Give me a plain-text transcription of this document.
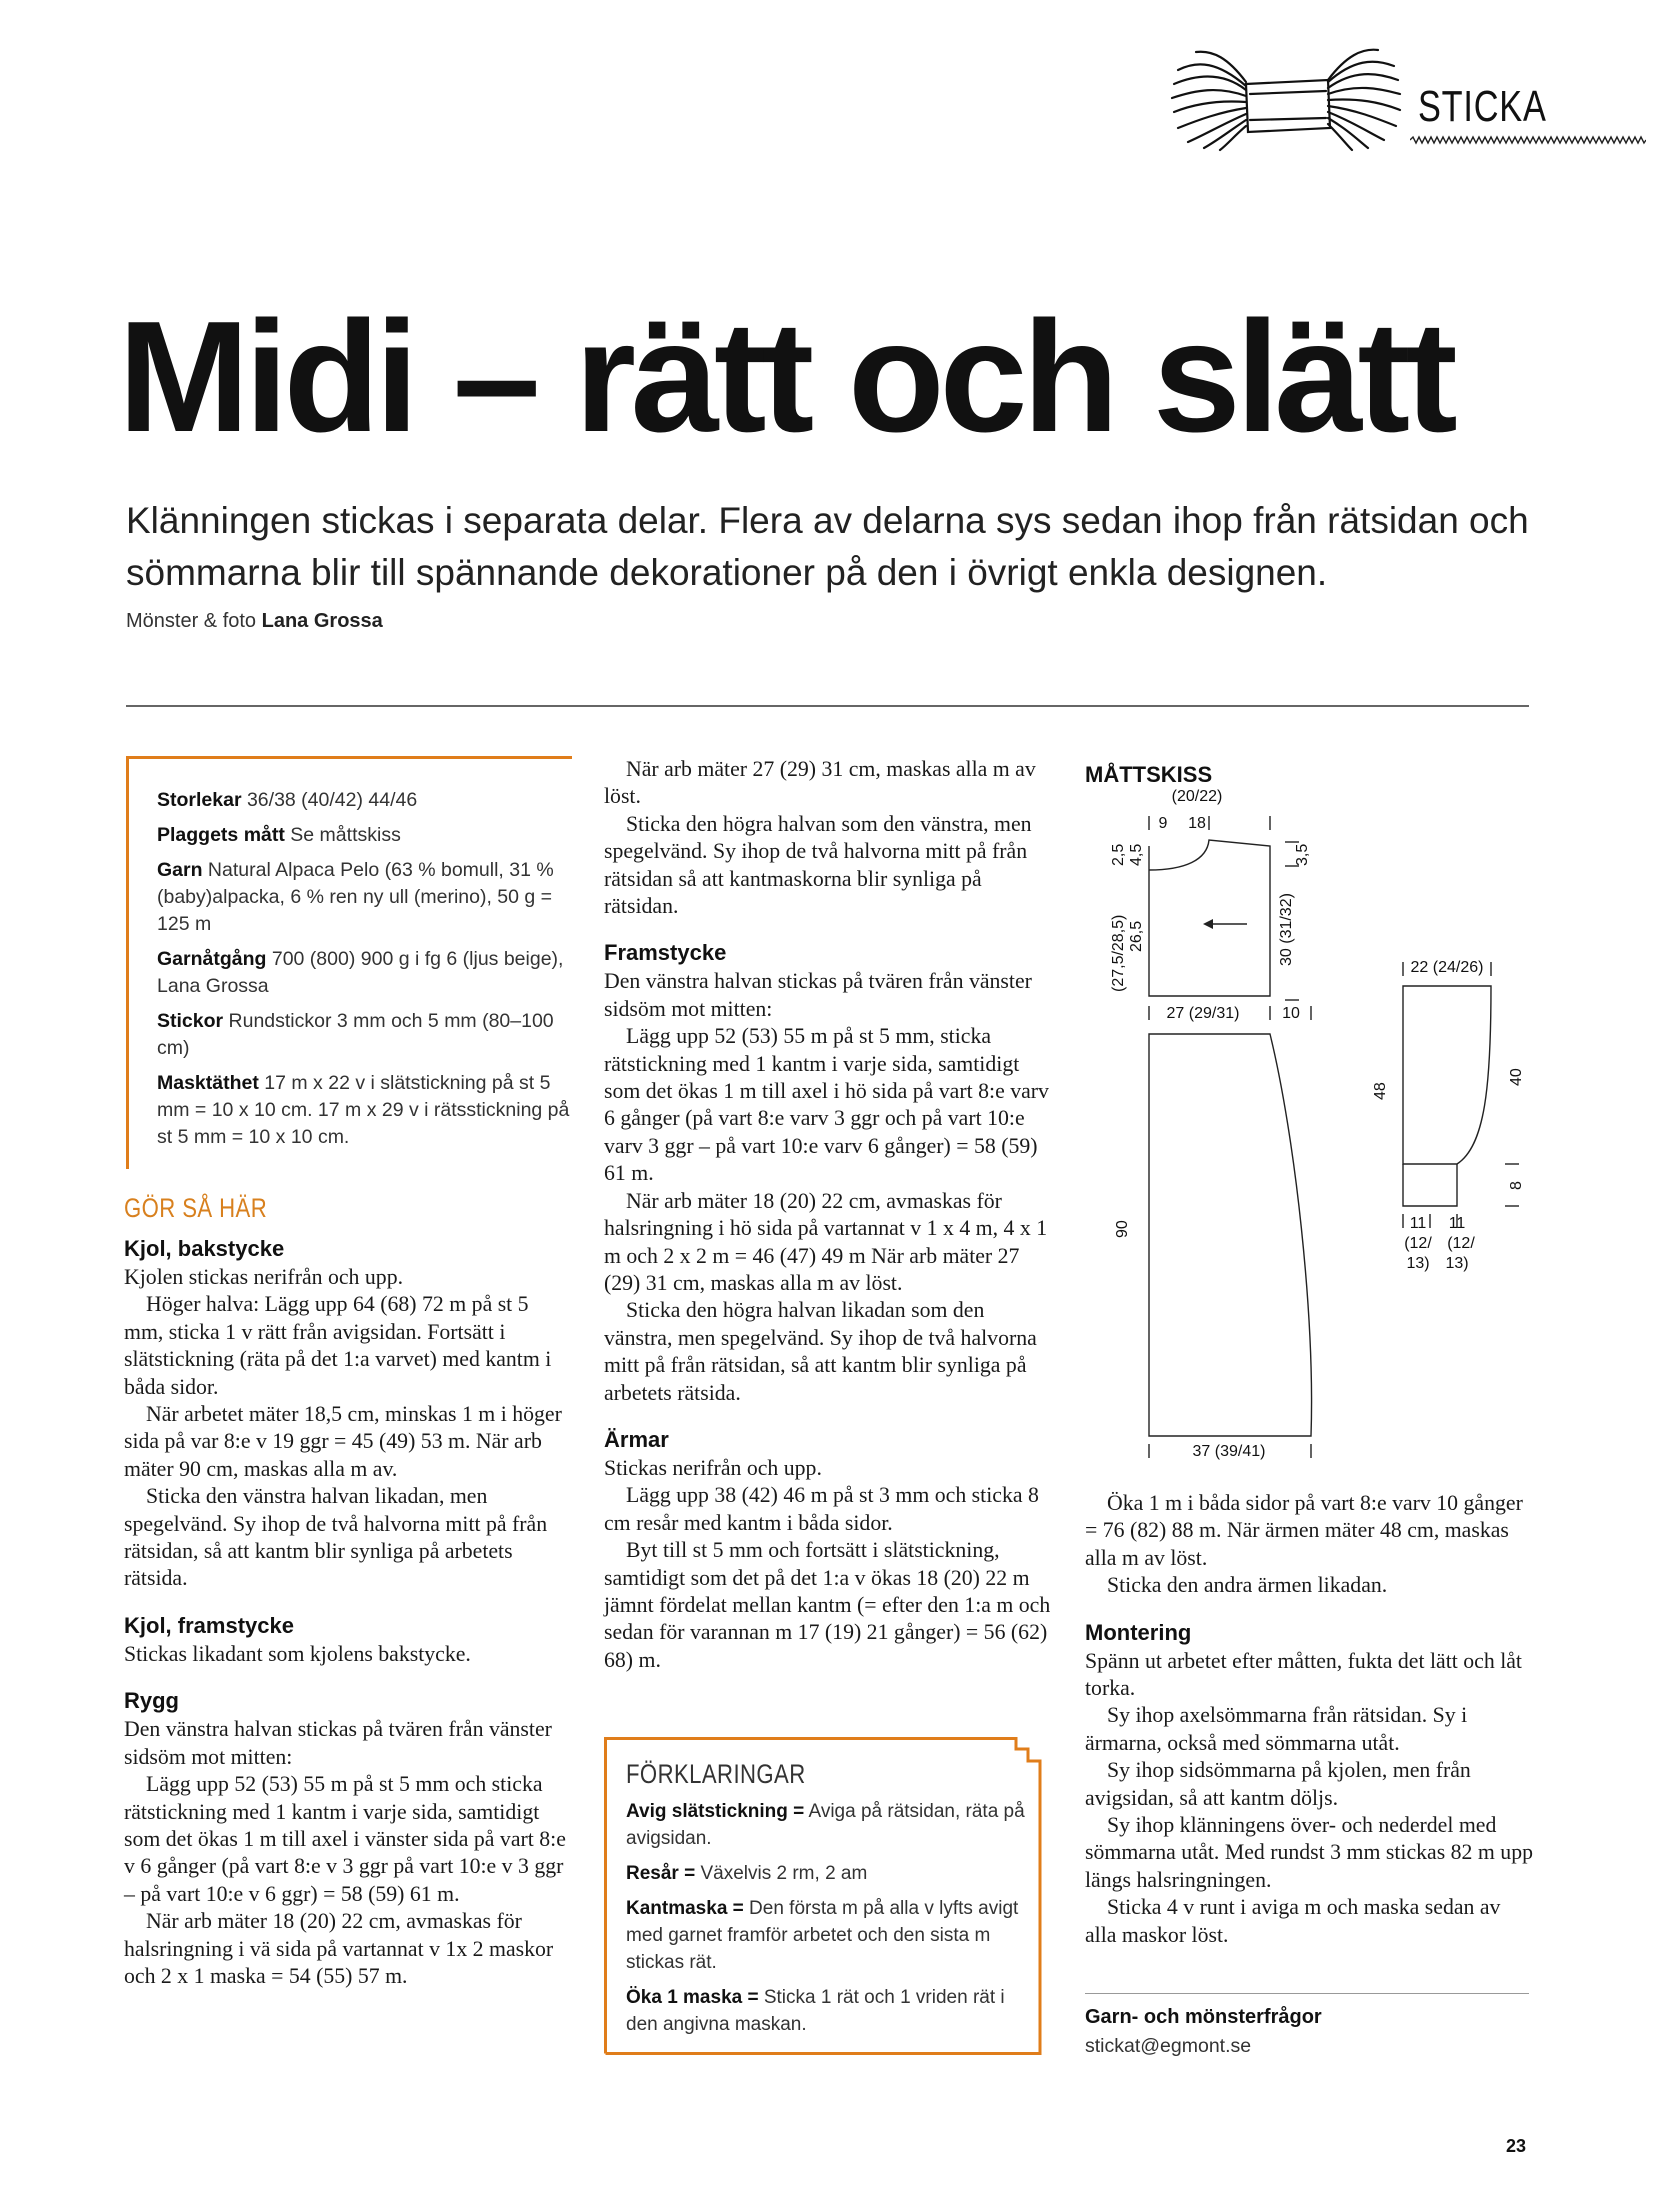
STICKA
Midi – rätt och slätt
Klänningen stickas i separata delar. Flera av delarna sys sedan ihop från rätsidan och sömmarna blir till spännande dekorationer på den i övrigt enkla designen.
Mönster & foto Lana Grossa
Storlekar 36/38 (40/42) 44/46
Plaggets mått Se måttskiss
Garn Natural Alpaca Pelo (63 % bomull, 31 % (baby)alpacka, 6 % ren ny ull (merino), 50 g = 125 m
Garnåtgång 700 (800) 900 g i fg 6 (ljus beige), Lana Grossa
Stickor Rundstickor 3 mm och 5 mm (80–100 cm)
Masktäthet 17 m x 22 v i slätstickning på st 5 mm = 10 x 10 cm. 17 m x 29 v i rätsstickning på st 5 mm = 10 x 10 cm.
GÖR SÅ HÄR
Kjol, bakstycke

Kjolen stickas nerifrån och upp.

Höger halva: Lägg upp 64 (68) 72 m på st 5 mm, sticka 1 v rätt från avigsidan. Fortsätt i slätstickning (räta på det 1:a varvet) med kantm i båda sidor.

När arbetet mäter 18,5 cm, minskas 1 m i höger sida på var 8:e v 19 ggr = 45 (49) 53 m. När arb mäter 90 cm, maskas alla m av.

Sticka den vänstra halvan likadan, men spegelvänd. Sy ihop de två halvorna mitt på från rätsidan, så att kantm blir synliga på arbetets rätsida.

Kjol, framstycke

Stickas likadant som kjolens bakstycke.

Rygg

Den vänstra halvan stickas på tvären från vänster sidsöm mot mitten:

Lägg upp 52 (53) 55 m på st 5 mm och sticka rätstickning med 1 kantm i varje sida, samtidigt som det ökas 1 m till axel i vänster sida på vart 8:e v 6 gånger (på vart 8:e v 3 ggr på vart 10:e v 3 ggr – på vart 10:e v 6 ggr) = 58 (59) 61 m.

När arb mäter 18 (20) 22 cm, avmaskas för halsringning i vä sida på vartannat v 1x 2 maskor och 2 x 1 maska = 54 (55) 57 m.

När arb mäter 27 (29) 31 cm, maskas alla m av löst.

Sticka den högra halvan som den vänstra, men spegelvänd. Sy ihop de två halvorna mitt på från rätsidan så att kantmaskorna blir synliga på rätsidan.

Framstycke

Den vänstra halvan stickas på tvären från vänster sidsöm mot mitten:

Lägg upp 52 (53) 55 m på st 5 mm, sticka rätstickning med 1 kantm i varje sida, samtidigt som det ökas 1 m till axel i hö sida på vart 8:e varv 6 gånger (på vart 8:e varv 3 ggr och på vart 10:e varv 3 ggr – på vart 10:e varv 6 gånger) = 58 (59) 61 m.

När arb mäter 18 (20) 22 cm, avmaskas för halsringning i hö sida på vartannat v 1 x 4 m, 4 x 1 m och 2 x 2 m = 46 (47) 49 m När arb mäter 27 (29) 31 cm, maskas alla m av löst.

Sticka den högra halvan likadan som den vänstra, men spegelvänd. Sy ihop de två halvorna mitt på från rätsidan, så att kantm blir synliga på arbetets rätsida.

Ärmar

Stickas nerifrån och upp.

Lägg upp 38 (42) 46 m på st 3 mm och sticka 8 cm resår med kantm i båda sidor.

Byt till st 5 mm och fortsätt i slätstickning, samtidigt som det på det 1:a v ökas 18 (20) 22 m jämnt fördelat mellan kantm (= efter den 1:a m och sedan för varannan m 17 (19) 21 gånger) = 56 (62) 68) m.

FÖRKLARINGAR
Avig slätstickning = Aviga på rätsidan, räta på avigsidan.
Resår = Växelvis 2 rm, 2 am
Kantmaska = Den första m på alla v lyfts avigt med garnet framför arbetet och den sista m stickas rät.
Öka 1 maska = Sticka 1 rät och 1 vriden rät i den angivna maskan.
MÅTTSKISS
(20/22)
18
9
2,5 4,5	3,5
(27,5/28,5) 26,5	30 (31/32)
27 (29/31)	10
90
37 (39/41)
22 (24/26)
48
40
8
11
(12/
13)
11
(12/
13)

Öka 1 m i båda sidor på vart 8:e varv 10 gånger = 76 (82) 88 m. När ärmen mäter 48 cm, maskas alla m av löst.

Sticka den andra ärmen likadan.

Montering

Spänn ut arbetet efter måtten, fukta det lätt och låt torka.

Sy ihop axelsömmarna från rätsidan. Sy i ärmarna, också med sömmarna utåt.

Sy ihop sidsömmarna på kjolen, men från avigsidan, så att kantm döljs.

Sy ihop klänningens över- och nederdel med sömmarna utåt. Med rundst 3 mm stickas 82 m upp längs halsringningen.

Sticka 4 v runt i aviga m och maska sedan av alla maskor löst.

Garn- och mönsterfrågor
stickat@egmont.se
23
